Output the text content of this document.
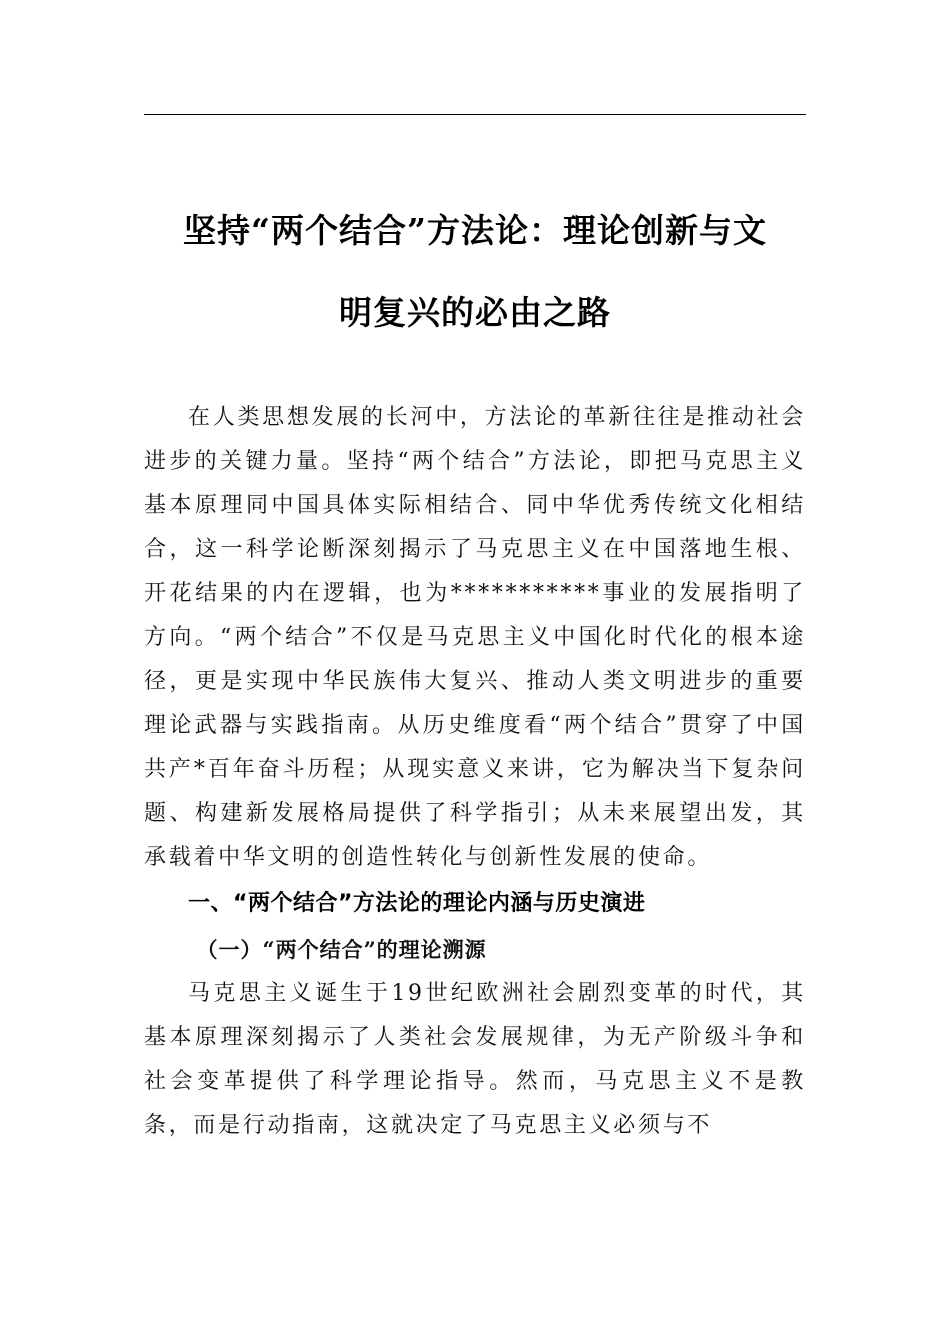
坚持“两个结合”方法论：理论创新与文
明复兴的必由之路

在人类思想发展的长河中，方法论的革新往往是推动社会进步的关键力量。坚持“两个结合”方法论，即把马克思主义基本原理同中国具体实际相结合、同中华优秀传统文化相结合，这一科学论断深刻揭示了马克思主义在中国落地生根、开花结果的内在逻辑，也为***********事业的发展指明了方向。“两个结合”不仅是马克思主义中国化时代化的根本途径，更是实现中华民族伟大复兴、推动人类文明进步的重要理论武器与实践指南。从历史维度看“两个结合”贯穿了中国共产*百年奋斗历程；从现实意义来讲，它为解决当下复杂问题、构建新发展格局提供了科学指引；从未来展望出发，其承载着中华文明的创造性转化与创新性发展的使命。

一、“两个结合”方法论的理论内涵与历史演进
（一）“两个结合”的理论溯源

马克思主义诞生于19世纪欧洲社会剧烈变革的时代，其基本原理深刻揭示了人类社会发展规律，为无产阶级斗争和社会变革提供了科学理论指导。然而，马克思主义不是教条，而是行动指南，这就决定了马克思主义必须与不
